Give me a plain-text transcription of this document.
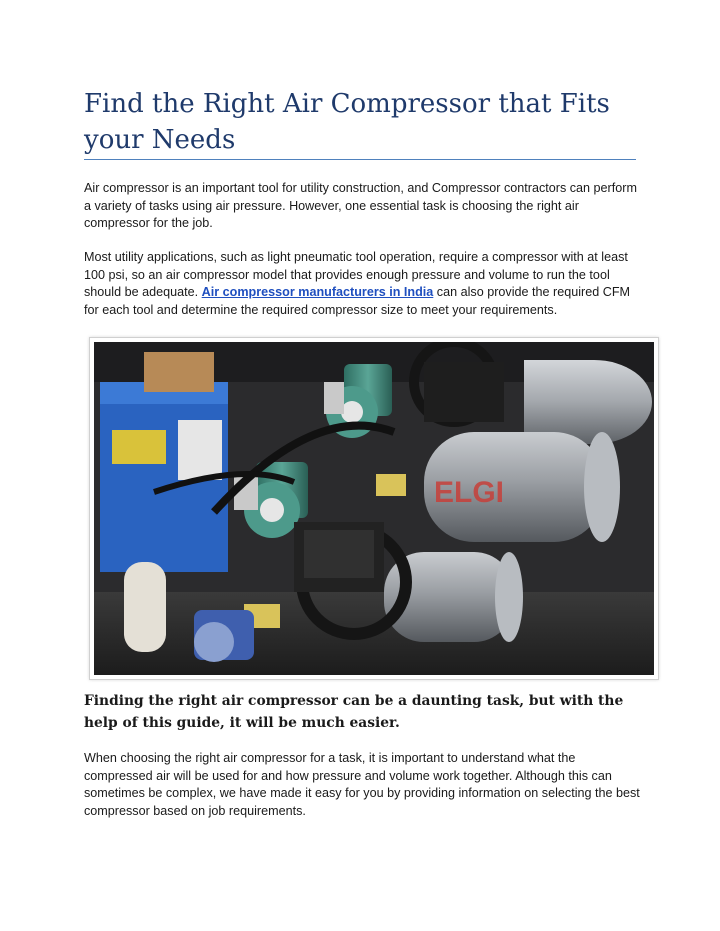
Find the Right Air Compressor that Fits your Needs

Air compressor is an important tool for utility construction, and Compressor contractors can perform a variety of tasks using air pressure. However, one essential task is choosing the right air compressor for the job.

Most utility applications, such as light pneumatic tool operation, require a compressor with at least 100 psi, so an air compressor model that provides enough pressure and volume to run the tool should be adequate. Air compressor manufacturers in India can also provide the required CFM for each tool and determine the required compressor size to meet your requirements.

ELGI

Finding the right air compressor can be a daunting task, but with the help of this guide, it will be much easier.

When choosing the right air compressor for a task, it is important to understand what the compressed air will be used for and how pressure and volume work together. Although this can sometimes be complex, we have made it easy for you by providing information on selecting the best compressor based on job requirements.
